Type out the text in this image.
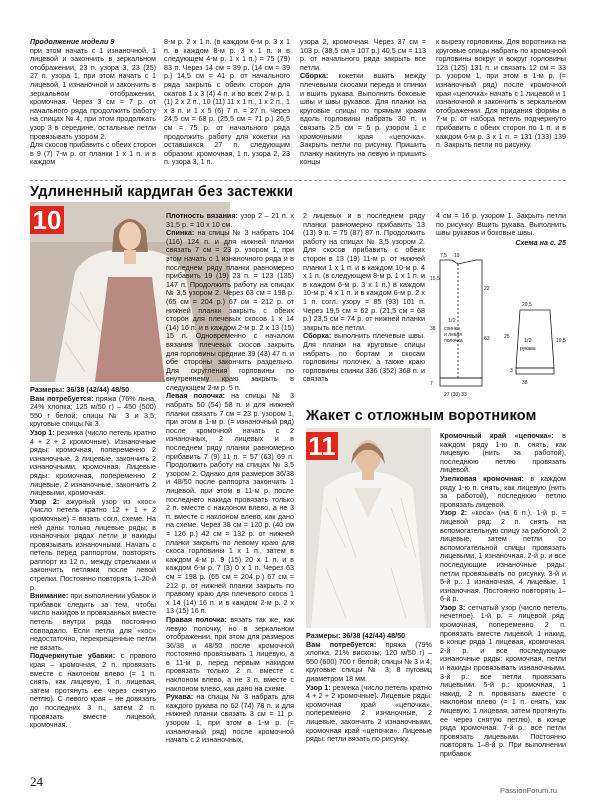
Продолжение модели 9

при этом начать с 1 изнаночной, 1 лицевой и закончить в зеркальном отображении, 23 п. узора 3, 23 (25) 27 п. узора 1, при этом начать с 1 лицевой, 1 изнаночной и закончить в зеркальном отображении, кромочная. Через 3 см = 7 р. от начального ряда продолжить работу на спицах № 4, при этом продолжать узор 3 в середине, остальные петли провязывать узором 2.

Для скосов прибавить с обеих сторон в 9 (7) 7-м р. от планки 1 х 1 п. и в каждом

8-м р. 2 х 1 п. (в каждом 6-м р. 3 х 1 п. в каждом 8-м р. 3 х 1 п. и в следующем 4-м р. 1 х 1 п.) = 75 (79) 83 п. Через 14 см = 39 р. (14 см = 39 р.) 14,5 см = 41 р. от начального ряда закрыть с обеих сторон для окатов 1 х 3 (4) 4 п. и во всех 2-м р. 1 (1) 2 х 2 п., 10 (11) 11 х 1 п., 1 х 2 п., 1 х 3 п. и 1 х 5 (6) 7 п. = 27 п. Через 24,5 см = 68 р. (25,5 см = 71 р.) 26,5 см = 75 р. от начального ряда продолжить работу для кокетки на оставшихся 27 п. следующим образом: кромочная, 1 п. узора 2, 23 п. узора 3, 1 п.
узора 2, кромочная. Через 37 см = 103 р. (38,5 см = 107 р.) 40,5 см = 113 р. от начального ряда закрыть все петли.
Сборка: кокетки вшить между плечевыми скосами переда и спинки и вшить рукава. Выполнить боковые швы и швы рукавов. Для планки на круговые спицы по прямым краям вдоль горловины набрать 30 п. и связать 2,5 см = 5 р. узором 1 с кромочными края «цепочка». Закрыть петли по рисунку. Пришить планку накинуть на левую и пришить концы
к вырезу горловины. Для воротника на круговые спицы набрать по кромочной горловины вокруг и вокруг горловины 123 (125) 131 п. и связать 12 см = 33 р. узором 1, при этом в 1-м р. (= изнаночный ряд) после кромочной края «цепочка» начать с 1 лицевой и 1 изнаночной и закончить в зеркальном отображении. Для придания формы в 7-м р. от набора петель подчеркнуто прибавить с обеих сторон по 1 п. и в каждом 6-м р. 3 х 1 п. = 131 (133) 139 п. Закрыть петли по рисунку.
Удлиненный кардиган без застежки
10
Размеры: 36/38 (42/44) 48/50

Вам потребуется: пряжа (76% льна, 24% хлопка; 125 м/50 г) – 450 (500) 550 г белой; спицы № 3 и 3,5; круговые спицы № 3.

Узор 1: резинка (число петель кратно 4 + 2 + 2 кромочные). Изнаночные ряды: кромочная, попеременно 2 изнаночные, 2 лицевые, закончить 2 изнаночными, кромочная. Лицевые ряды: кромочная, попеременно 2 лицевые, 2 изнаночные, закончить 2 лицевыми, кромочная.

Узор 2: ажурный узор из «кос» (число петель кратно 12 + 1 + 2 кромочные) = вязать согл. схеме. На ней даны только лицевые ряды; в изнаночных рядах петли и накиды провязывать изнаночными. Начать с петель перед раппортом, повторять раппорт из 12 п., между стрелками и закончить петлями после левой стрелки. Постоянно повторять 1–20-й р.

Внимание: при выполнении убавок и прибавок следить за тем, чтобы число накидов и провязанных вместе петель внутри ряда постоянно совпадало. Если петли для «кос» недостаточно, перекрещенные петли не вязать.

Подчеркнутые убавки: с правого края – кромочная, 2 п. провязать вместе с наклоном влево (= 1 п. снять, как лицевую, 1 п. лицевая, затем протянуть ее через снятую петлю). С левого края – не довязать до последних 3 п., затем 2 п. провязать вместе лицевой, кромочная.

Плотность вязания: узор 2 – 21 п. х 31,5 р. = 10 х 10 см.

Спинка: на спицы № 3 набрать 104 (116) 124 п. и для нижней планки связать 7 см = 23 р. узором 1, при этом начать с 1 изнаночного ряда и в последнем ряду планки равномерно прибавить 19 (19) 23 п. = 123 (135) 147 п. Продолжить работу на спицах № 3,5 узором 2. Через 63 см = 198 р. (65 см = 204 р.) 67 см = 212 р. от нижней планки закрыть с обеих сторон для плечевых скосов 1 х 14 (14) 16 п. и в каждом 2-м р. 2 х 13 (15) 15 п. Одновременно с началом вязания плечевых скосов закрыть для горловины средние 39 (43) 47 п. и обе стороны закончить раздельно. Для скругления горловины по внутреннему краю закрыть в следующем 2-м р. 5 п.

Левая полочка: на спицы № 3 набрать 50 (54) 58 п. и для нижней планки связать 7 см = 23 р. узором 1, при этом в 1-м р. (= изнаночный ряд) после кромочной начать с 2 изнаночных, 2 лицевых и в последнем ряду планки равномерно прибавить 7 (9) 11 п. = 57 (63) 69 п. Продолжить работу на спицах № 3,5 узором 2. Однако для размеров 36/38 и 48/50 после раппорта закончить 1 лицевой, при этом в 11-м р. после последнего накида провязать только 2 п. вместе с наклоном влево, а не 3 п. вместе с наклоном влево, как дано на схеме. Через 38 см = 120 р. (40 см = 126 р.) 42 см = 132 р. от нижней планки закрыть по левому краю для скоса горловины 1 х 1 п., затем в каждом 4-м р. 9 (15) 20 х 1 п. и в каждом 6-м р. 7 (3) 0 х 1 п. Через 63 см = 198 р. (65 см = 204 р.) 67 см = 212 р. от нижней планки закрыть по правому краю для плечевого скоса 1 х 14 (14) 16 п. и в каждом 2-м р. 2 х 13 (15) 16 п.

Правая полочка: вязать так же, как левую полочку, но в зеркальном отображении, при этом для размеров 36/38 и 48/50 после кромочной постоянно провязывать 1 лицевую, а в 11-м р. перед первым накидом провязать только 2 п. вместе с наклоном влево, а не 3 п. вместе с наклоном влево, как дано на схеме.

Рукава: на спицы № 3 набрать для каждого рукава по 62 (74) 78 п. и для нижней планки связать 3 см = 11 р. узором 1, при этом в 1-м р. (= изнаночный ряд) после кромочной начать с 2 изнаночных,

2 лицевых и в последнем ряду планки равномерно прибавить 13 (13) 9 п. = 75 (87) 87 п. Продолжить работу на спицах № 3,5 узором 2. Для скосов прибавить с обеих сторон в 13 (19) 11-м р. от нижней планки 1 х 1 п. и в каждом 10-м р. 4 х 1 п. (в следующем 8-м р. 1 х 1 п. и в каждом 6-м р. 3 х 1 п.) в каждом 10-м р. 4 х 1 п. и в каждом 6-м р. 2 х 1 п. согл. узору = 85 (93) 101 п. Через 19,5 см = 62 р. (21,5 см = 68 р.) 23,5 см = 74 р. от нижней планки закрыть все петли.
Сборка: выполнить плечевые швы. Для планки на круговые спицы набрать по бортам и скосам горловины полочек, а также краю горловины спинки 336 (352) 368 п. и связать
4 см = 16 р. узором 1. Закрыть петли по рисунку. Вшить рукава. Выполнить швы рукавов и боковые швы.
Схема на с. 25
7,5 19
15,5
22
38
63
1/2
спинки
и левая
полочка
27 (30) 33
1/2
рукава
25
19,5
38
29,5
7
3
Жакет с отложным воротником
11
Размеры: 36/38 (42/44) 48/50

Вам потребуется: пряжа (79% хлопка, 21% вискозы; 120 м/50 г) – 550 (600) 700 г белой; спицы № 3 и 4; круговые спицы № 3; 8 пуговиц диаметром 18 мм.

Узор 1: резинка (число петель кратно 4 + 2 + 2 кромочные). Лицевые ряды: кромочная край «цепочка», попеременно 2 изнаночные, 2 лицевые, закончить 2 изнаночными, кромочная край «цепочка». Лицевые ряды: петли вязать по рисунку.

Кромочный край «цепочка»: в каждом ряду 1-ю п. снять, как лицевую (нить за работой), последнюю петлю провязать лицевой.

Узелковая кромочная: в каждом ряду 1-ю п. снять, как лицевую (нить за работой), последнюю петлю провязать лицевой.

Узор 2: «коса» (на 6 п.). 1-й р. = лицевой ряд: 2 п. снять на вспомогательную спицу за работой, 2 лицевые, затем петли со вспомогательной спицы провязать лицевыми, 1 изнаночная. 2-й р. и все последующие изнаночные ряды: петли провязывать по рисунку. 3-й и 5-й р.: 1 изнаночная, 4 лицевые, 1 изнаночная. Постоянно повторять 1–6-й р.

Узор 3: сетчатый узор (число петель нечетное). 1-й р. = лицевой ряд: кромочная, попеременно 2 п. провязать вместе лицевой, 1 накид, в конце ряда 1 лицевая, кромочная. 2-й р. и все последующие изнаночные ряды: кромочная, петли и накиды провязывать изнаночными. 3-й р.: все петли провязать лицевыми. 5-й р.: кромочная, 1 накид, 2 п. провязать вместе с наклоном влево (= 1 п. снять, как лицевую, 1 лицевая, затем протянуть ее через снятую петлю), в конце ряда кромочная. 7-й р.: все петли провязать лицевыми. Постоянно повторять 1–8-й р. При выполнении прибавок

24
PassionForum.ru
